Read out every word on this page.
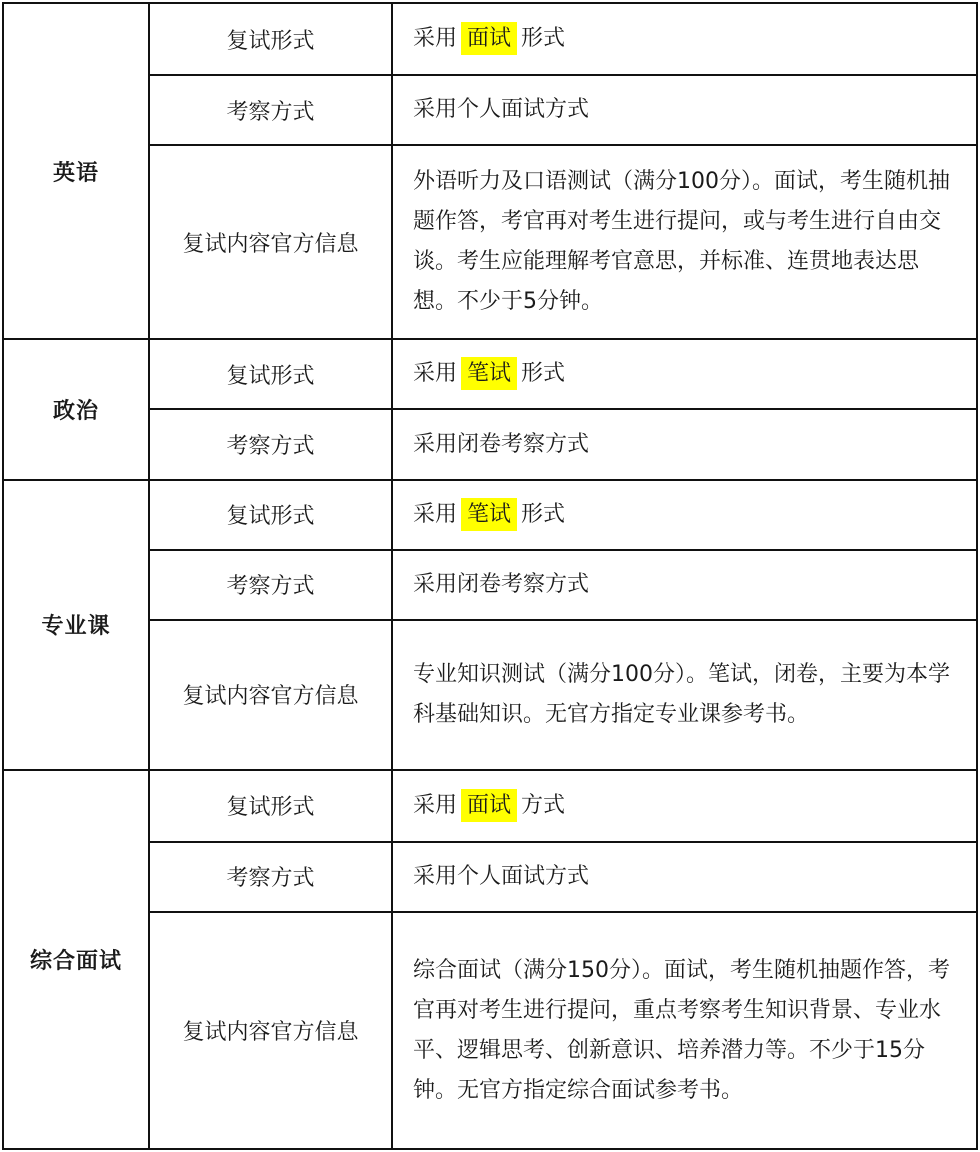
英语	复试形式	采用 面试 形式
	考察方式	采用个人面试方式
	复试内容官方信息	外语听力及口语测试（满分100分）。面试，考生随机抽题作答，考官再对考生进行提问，或与考生进行自由交谈。考生应能理解考官意思，并标准、连贯地表达思想。不少于5分钟。

政治	复试形式	采用 笔试 形式
	考察方式	采用闭卷考察方式
专业课	复试形式	采用 笔试 形式
	考察方式	采用闭卷考察方式
	复试内容官方信息	专业知识测试（满分100分）。笔试，闭卷，主要为本学科基础知识。无官方指定专业课参考书。

综合面试	复试形式	采用 面试 方式
	考察方式	采用个人面试方式
	复试内容官方信息	综合面试（满分150分）。面试，考生随机抽题作答，考官再对考生进行提问，重点考察考生知识背景、专业水平、逻辑思考、创新意识、培养潜力等。不少于15分钟。无官方指定综合面试参考书。
